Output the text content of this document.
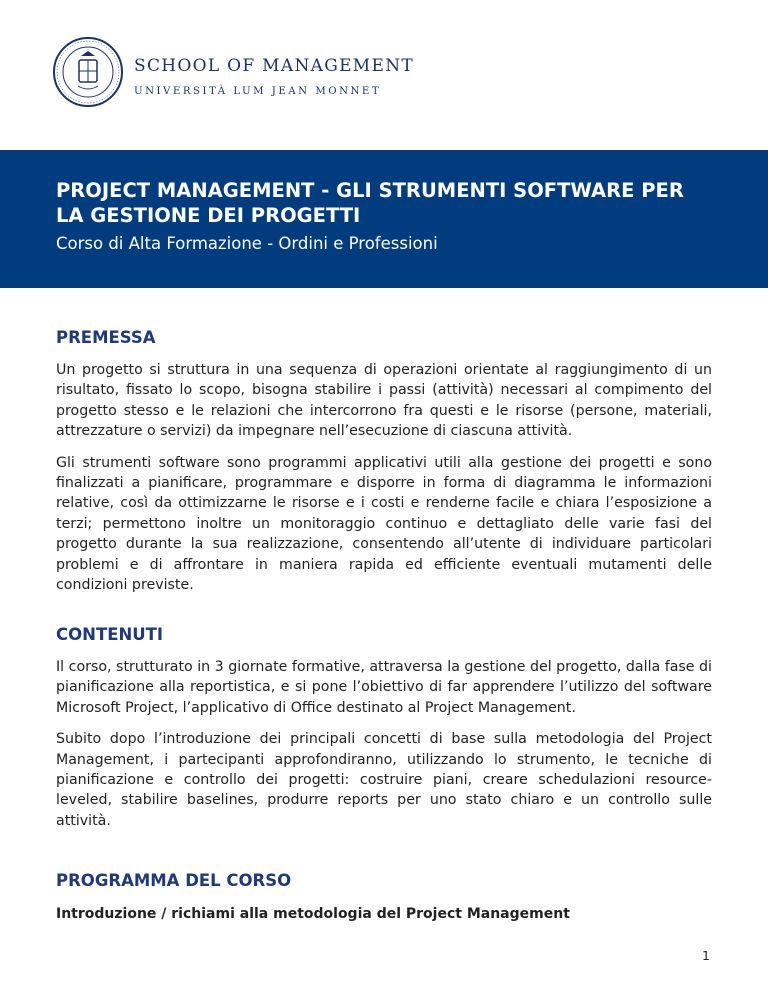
SCHOOL OF MANAGEMENT

UNIVERSITÀ LUM JEAN MONNET

PROJECT MANAGEMENT - GLI STRUMENTI SOFTWARE PER LA GESTIONE DEI PROGETTI

Corso di Alta Formazione - Ordini e Professioni

PREMESSA

Un progetto si struttura in una sequenza di operazioni orientate al raggiungimento di un risultato, fissato lo scopo, bisogna stabilire i passi (attività) necessari al compimento del progetto stesso e le relazioni che intercorrono fra questi e le risorse (persone, materiali, attrezzature o servizi) da impegnare nell’esecuzione di ciascuna attività.

Gli strumenti software sono programmi applicativi utili alla gestione dei progetti e sono finalizzati a pianificare, programmare e disporre in forma di diagramma le informazioni relative, così da ottimizzarne le risorse e i costi e renderne facile e chiara l’esposizione a terzi; permettono inoltre un monitoraggio continuo e dettagliato delle varie fasi del progetto durante la sua realizzazione, consentendo all’utente di individuare particolari problemi e di affrontare in maniera rapida ed efficiente eventuali mutamenti delle condizioni previste.

CONTENUTI

Il corso, strutturato in 3 giornate formative, attraversa la gestione del progetto, dalla fase di pianificazione alla reportistica, e si pone l’obiettivo di far apprendere l’utilizzo del software Microsoft Project, l’applicativo di Office destinato al Project Management.

Subito dopo l’introduzione dei principali concetti di base sulla metodologia del Project Management, i partecipanti approfondiranno, utilizzando lo strumento, le tecniche di pianificazione e controllo dei progetti: costruire piani, creare schedulazioni resource-leveled, stabilire baselines, produrre reports per uno stato chiaro e un controllo sulle attività.

PROGRAMMA DEL CORSO

Introduzione / richiami alla metodologia del Project Management

1
